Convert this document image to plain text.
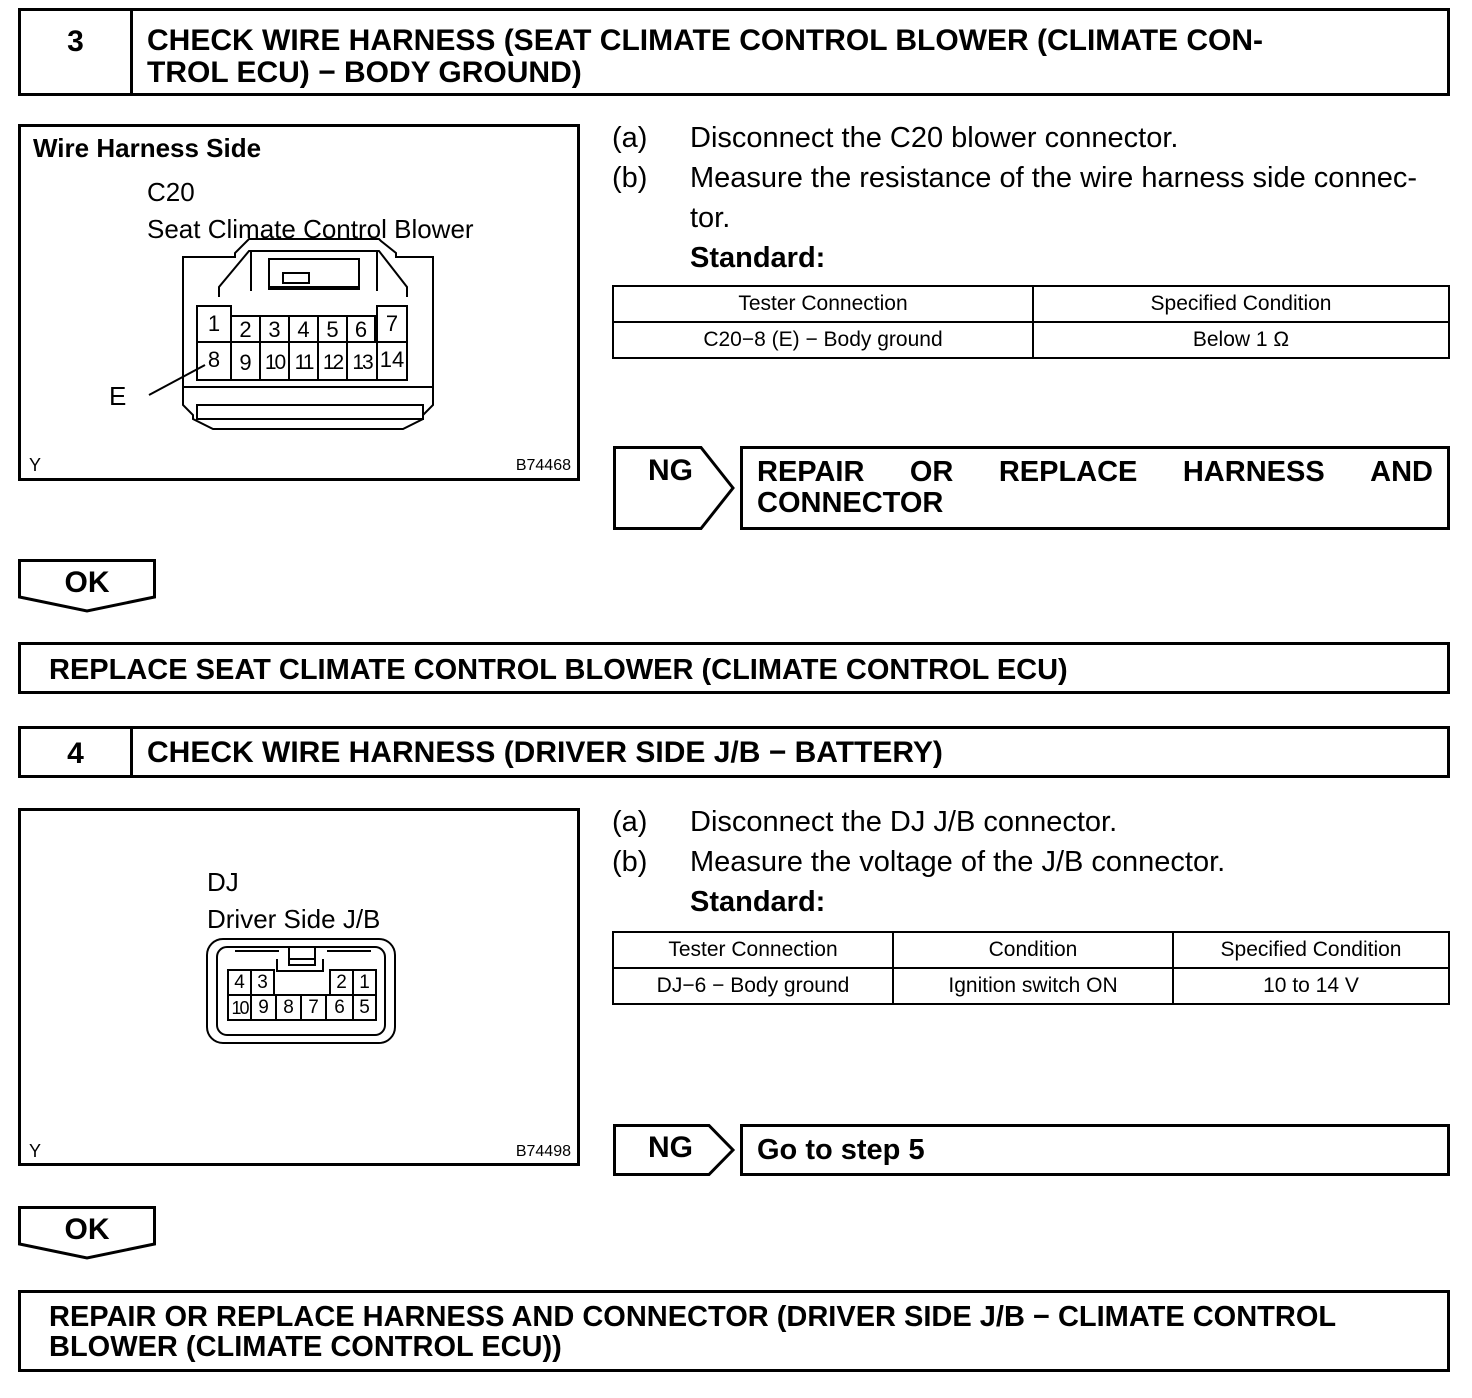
3	CHECK WIRE HARNESS (SEAT CLIMATE CONTROL BLOWER (CLIMATE CON-
TROL ECU) − BODY GROUND)
Wire Harness Side
C20
Seat Climate Control Blower
1 2 3 4 5 6 7
8 9 10 11 12 13 14
E
Y	B74468
(a)	Disconnect the C20 blower connector.
(b)	Measure the resistance of the wire harness side connec-
tor.
Standard:
Tester Connection	Specified Condition
C20−8 (E) − Body ground	Below 1 Ω
NG REPAIR OR REPLACE HARNESS AND
CONNECTOR
OK
REPLACE SEAT CLIMATE CONTROL BLOWER (CLIMATE CONTROL ECU)
4	CHECK WIRE HARNESS (DRIVER SIDE J/B − BATTERY)
DJ
Driver Side J/B
4 3	2 1
10 9 8 7 6 5
Y	B74498
(a)	Disconnect the DJ J/B connector.
(b)	Measure the voltage of the J/B connector.
Standard:
Tester Connection	Condition	Specified Condition
DJ−6 − Body ground	Ignition switch ON	10 to 14 V
NG	Go to step 5
OK
REPAIR OR REPLACE HARNESS AND CONNECTOR (DRIVER SIDE J/B − CLIMATE CONTROL
BLOWER (CLIMATE CONTROL ECU))
